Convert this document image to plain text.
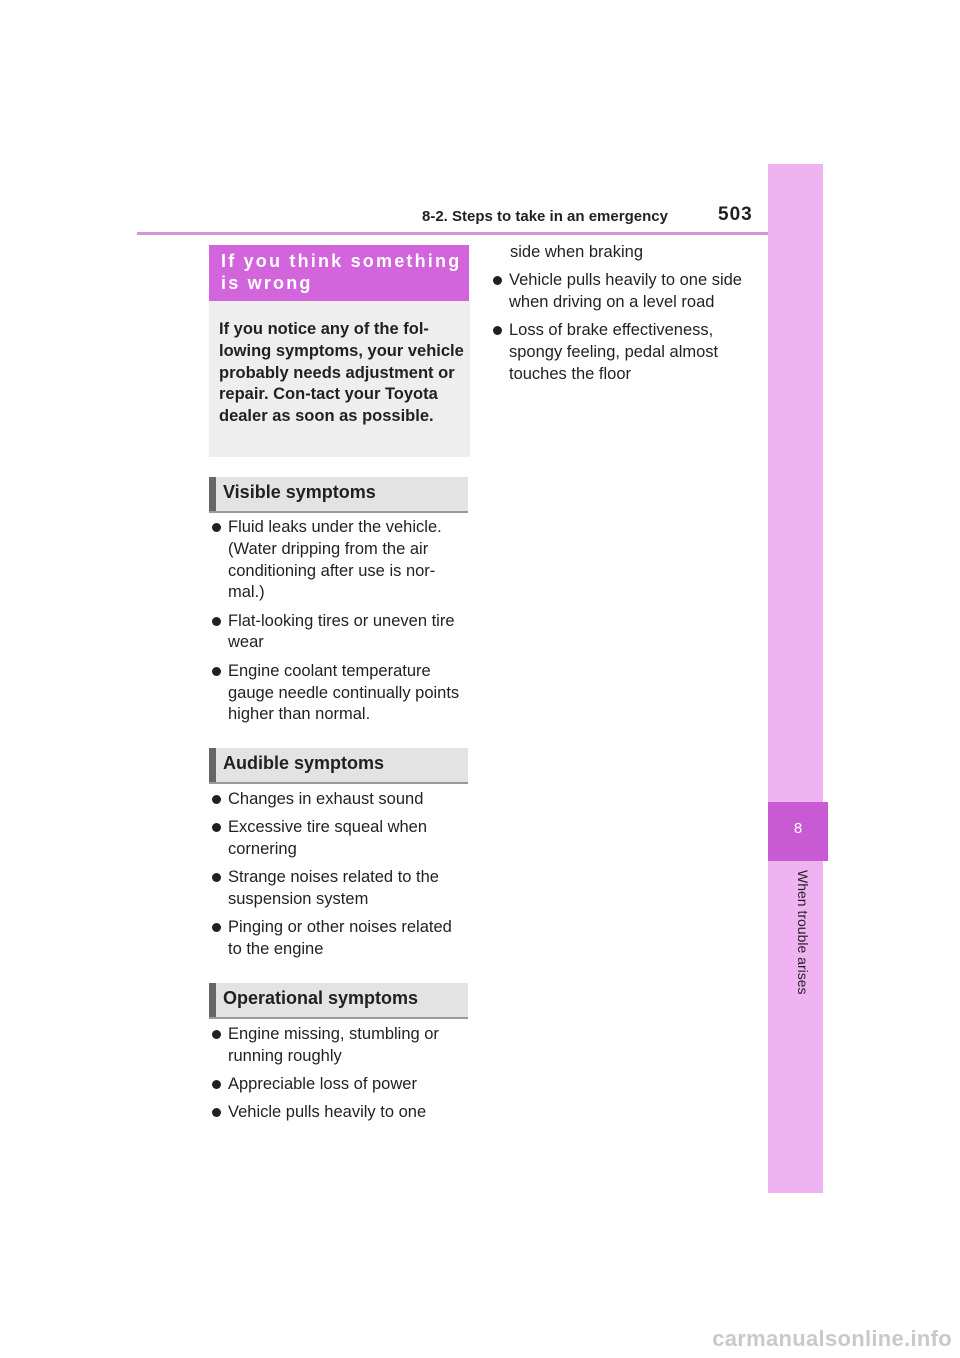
8-2. Steps to take in an emergency	503
8
When trouble arises
If you think something is wrong
If you notice any of the fol-lowing symptoms, your vehicle probably needs adjustment or repair. Con-tact your Toyota dealer as soon as possible.
Visible symptoms
Fluid leaks under the vehicle. (Water dripping from the air conditioning after use is nor-mal.)
Flat-looking tires or uneven tire wear
Engine coolant temperature gauge needle continually points higher than normal.
Audible symptoms
Changes in exhaust sound
Excessive tire squeal when cornering
Strange noises related to the suspension system
Pinging or other noises related to the engine
Operational symptoms
Engine missing, stumbling or running roughly
Appreciable loss of power
Vehicle pulls heavily to one
side when braking
Vehicle pulls heavily to one side when driving on a level road
Loss of brake effectiveness, spongy feeling, pedal almost touches the floor
carmanualsonline.info
